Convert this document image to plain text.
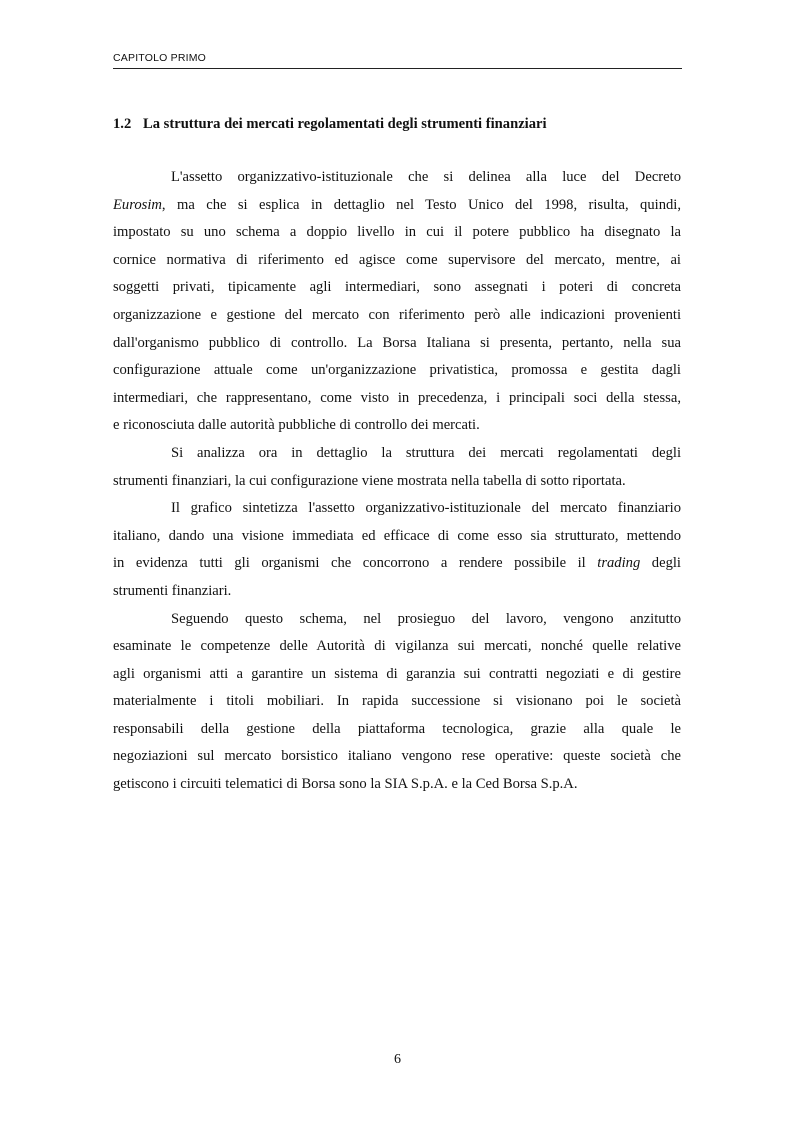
CAPITOLO PRIMO
1.2 La struttura dei mercati regolamentati degli strumenti finanziari
L'assetto organizzativo-istituzionale che si delinea alla luce del Decreto
Eurosim, ma che si esplica in dettaglio nel Testo Unico del 1998, risulta, quindi,
impostato su uno schema a doppio livello in cui il potere pubblico ha disegnato la
cornice normativa di riferimento ed agisce come supervisore del mercato, mentre, ai
soggetti privati, tipicamente agli intermediari, sono assegnati i poteri di concreta
organizzazione e gestione del mercato con riferimento però alle indicazioni provenienti
dall'organismo pubblico di controllo. La Borsa Italiana si presenta, pertanto, nella sua
configurazione attuale come un'organizzazione privatistica, promossa e gestita dagli
intermediari, che rappresentano, come visto in precedenza, i principali soci della stessa,
e riconosciuta dalle autorità pubbliche di controllo dei mercati.
Si analizza ora in dettaglio la struttura dei mercati regolamentati degli
strumenti finanziari, la cui configurazione viene mostrata nella tabella di sotto riportata.
Il grafico sintetizza l'assetto organizzativo-istituzionale del mercato finanziario
italiano, dando una visione immediata ed efficace di come esso sia strutturato, mettendo
in evidenza tutti gli organismi che concorrono a rendere possibile il trading degli
strumenti finanziari.
Seguendo questo schema, nel prosieguo del lavoro, vengono anzitutto
esaminate le competenze delle Autorità di vigilanza sui mercati, nonché quelle relative
agli organismi atti a garantire un sistema di garanzia sui contratti negoziati e di gestire
materialmente i titoli mobiliari. In rapida successione si visionano poi le società
responsabili della gestione della piattaforma tecnologica, grazie alla quale le
negoziazioni sul mercato borsistico italiano vengono rese operative: queste società che
getiscono i circuiti telematici di Borsa sono la SIA S.p.A. e la Ced Borsa S.p.A.
6
